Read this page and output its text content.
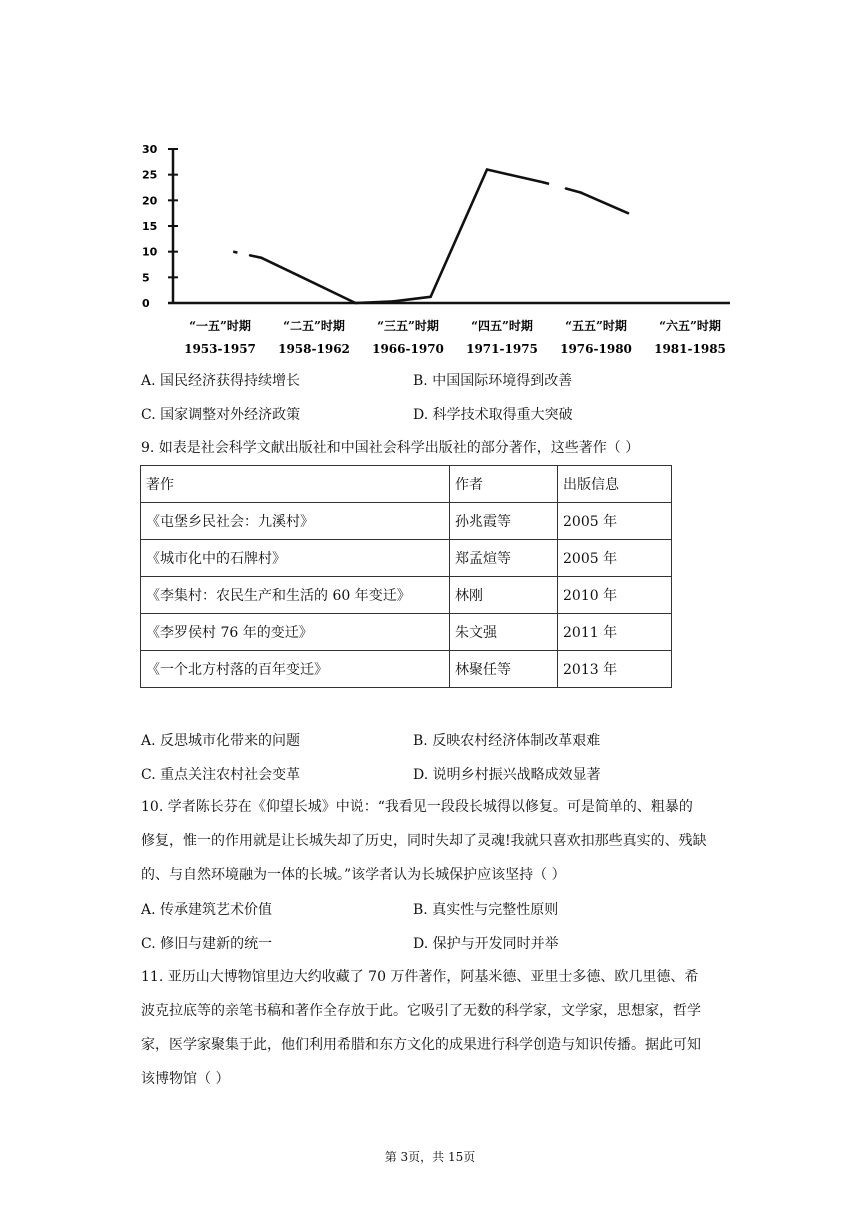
30
25
20
15
10
5
0
“一五”时期
1953-1957
“二五”时期
1958-1962
“三五”时期
1966-1970
“四五”时期
1971-1975
“五五”时期
1976-1980
“六五”时期
1981-1985
A. 国民经济获得持续增长	B. 中国国际环境得到改善
C. 国家调整对外经济政策	D. 科学技术取得重大突破
9. 如表是社会科学文献出版社和中国社会科学出版社的部分著作，这些著作（ ）
著作	作者	出版信息
《屯堡乡民社会：九溪村》	孙兆霞等	2005 年
《城市化中的石牌村》	郑孟煊等	2005 年
《李集村：农民生产和生活的 60 年变迁》	林刚	2010 年
《李罗侯村 76 年的变迁》	朱文强	2011 年
《一个北方村落的百年变迁》	林聚任等	2013 年
A. 反思城市化带来的问题	B. 反映农村经济体制改革艰难
C. 重点关注农村社会变革	D. 说明乡村振兴战略成效显著
10. 学者陈长芬在《仰望长城》中说：“我看见一段段长城得以修复。可是简单的、粗暴的
修复，惟一的作用就是让长城失却了历史，同时失却了灵魂!我就只喜欢扣那些真实的、残缺
的、与自然环境融为一体的长城。”该学者认为长城保护应该坚持（ ）
A. 传承建筑艺术价值	B. 真实性与完整性原则
C. 修旧与建新的统一	D. 保护与开发同时并举
11. 亚历山大博物馆里边大约收藏了 70 万件著作，阿基米德、亚里士多德、欧几里德、希
波克拉底等的亲笔书稿和著作全存放于此。它吸引了无数的科学家，文学家，思想家，哲学
家，医学家聚集于此，他们利用希腊和东方文化的成果进行科学创造与知识传播。据此可知
该博物馆（ ）
第 3页，共 15页
